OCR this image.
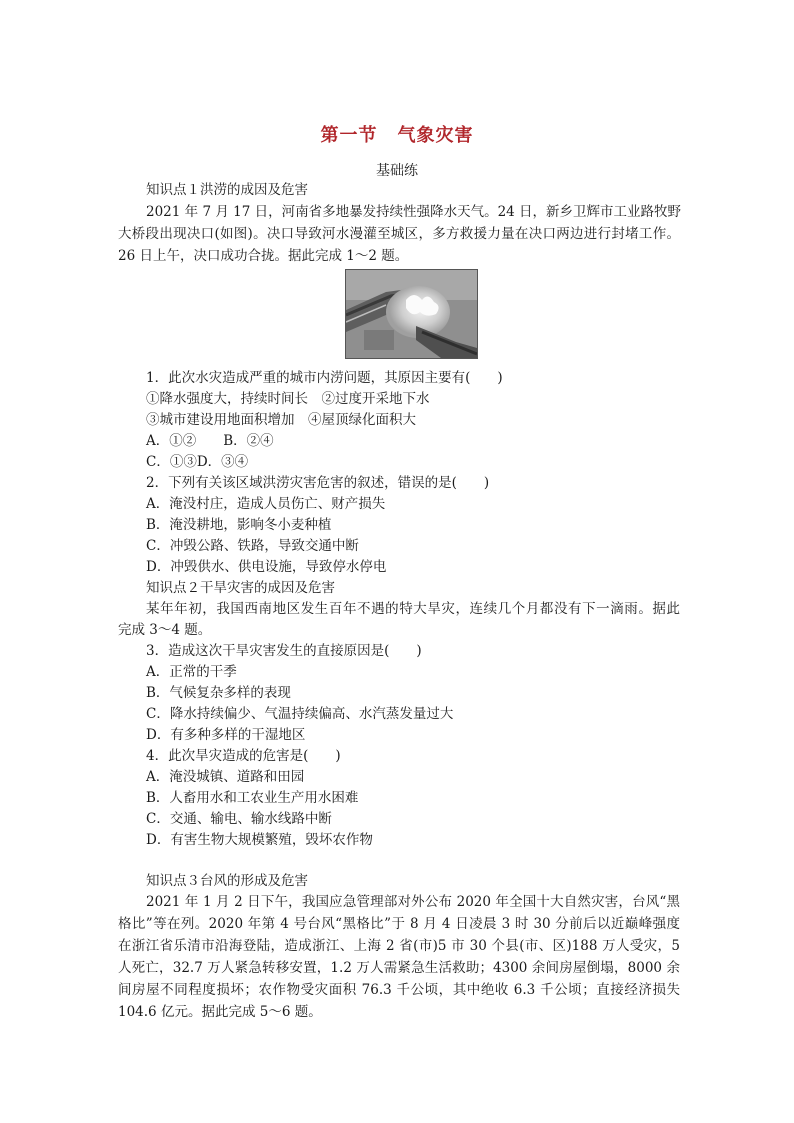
第一节 气象灾害
基础练
知识点１洪涝的成因及危害
2021 年 7 月 17 日，河南省多地暴发持续性强降水天气。24 日，新乡卫辉市工业路牧野
大桥段出现决口(如图)。决口导致河水漫灌至城区，多方救援力量在决口两边进行封堵工作。
26 日上午，决口成功合拢。据此完成 1～2 题。
1．此次水灾造成严重的城市内涝问题，其原因主要有(　　)
①降水强度大，持续时间长　②过度开采地下水
③城市建设用地面积增加　④屋顶绿化面积大
A．①②　　B．②④
C．①③D．③④
2．下列有关该区域洪涝灾害危害的叙述，错误的是(　　)
A．淹没村庄，造成人员伤亡、财产损失
B．淹没耕地，影响冬小麦种植
C．冲毁公路、铁路，导致交通中断
D．冲毁供水、供电设施，导致停水停电
知识点２干旱灾害的成因及危害
某年年初，我国西南地区发生百年不遇的特大旱灾，连续几个月都没有下一滴雨。据此
完成 3～4 题。
3．造成这次干旱灾害发生的直接原因是(　　)
A．正常的干季
B．气候复杂多样的表现
C．降水持续偏少、气温持续偏高、水汽蒸发量过大
D．有多种多样的干湿地区
4．此次旱灾造成的危害是(　　)
A．淹没城镇、道路和田园
B．人畜用水和工农业生产用水困难
C．交通、输电、输水线路中断
D．有害生物大规模繁殖，毁坏农作物
知识点３台风的形成及危害
2021 年 1 月 2 日下午，我国应急管理部对外公布 2020 年全国十大自然灾害，台风“黑
格比”等在列。2020 年第 4 号台风“黑格比”于 8 月 4 日凌晨 3 时 30 分前后以近巅峰强度
在浙江省乐清市沿海登陆，造成浙江、上海 2 省(市)5 市 30 个县(市、区)188 万人受灾，5
人死亡，32.7 万人紧急转移安置，1.2 万人需紧急生活救助；4300 余间房屋倒塌，8000 余
间房屋不同程度损坏；农作物受灾面积 76.3 千公顷，其中绝收 6.3 千公顷；直接经济损失
104.6 亿元。据此完成 5～6 题。
